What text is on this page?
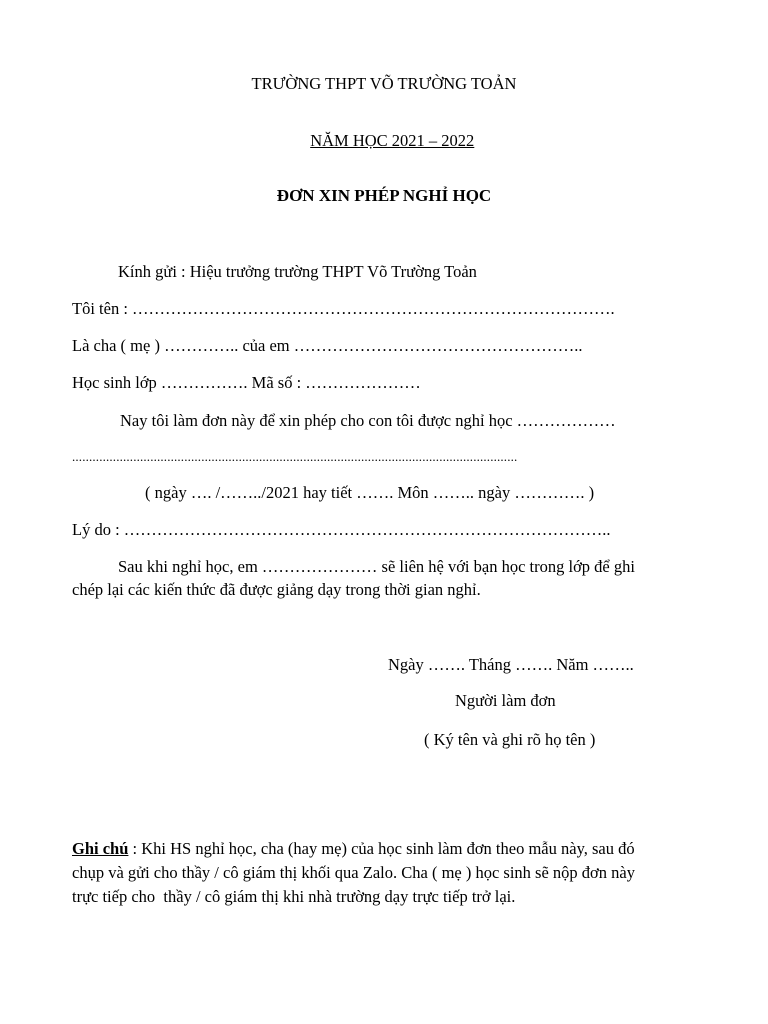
TRƯỜNG THPT VÕ TRƯỜNG TOẢN

NĂM HỌC 2021 – 2022

ĐƠN XIN PHÉP NGHỈ HỌC
Kính gửi : Hiệu trưởng trường THPT Võ Trường Toản
Tôi tên : …………………………………………………………………………….
Là cha ( mẹ ) ………….. của em ……………………………………………..
Học sinh lớp ……………. Mã số : …………………
Nay tôi làm đơn này để xin phép cho con tôi được nghỉ học ………………
...................................................................................................................................
( ngày …. /……../2021 hay tiết ……. Môn …….. ngày …………. )
Lý do : ……………………………………………………………………………..
Sau khi nghỉ học, em ………………… sẽ liên hệ với bạn học trong lớp để ghi
chép lại các kiến thức đã được giảng dạy trong thời gian nghỉ.
Ngày ……. Tháng ……. Năm ……..
Người làm đơn
( Ký tên và ghi rõ họ tên )
Ghi chú : Khi HS nghỉ học, cha (hay mẹ) của học sinh làm đơn theo mẫu này, sau đó
chụp và gửi cho thầy / cô giám thị khối qua Zalo. Cha ( mẹ ) học sinh sẽ nộp đơn này
trực tiếp cho  thầy / cô giám thị khi nhà trường dạy trực tiếp trở lại.
